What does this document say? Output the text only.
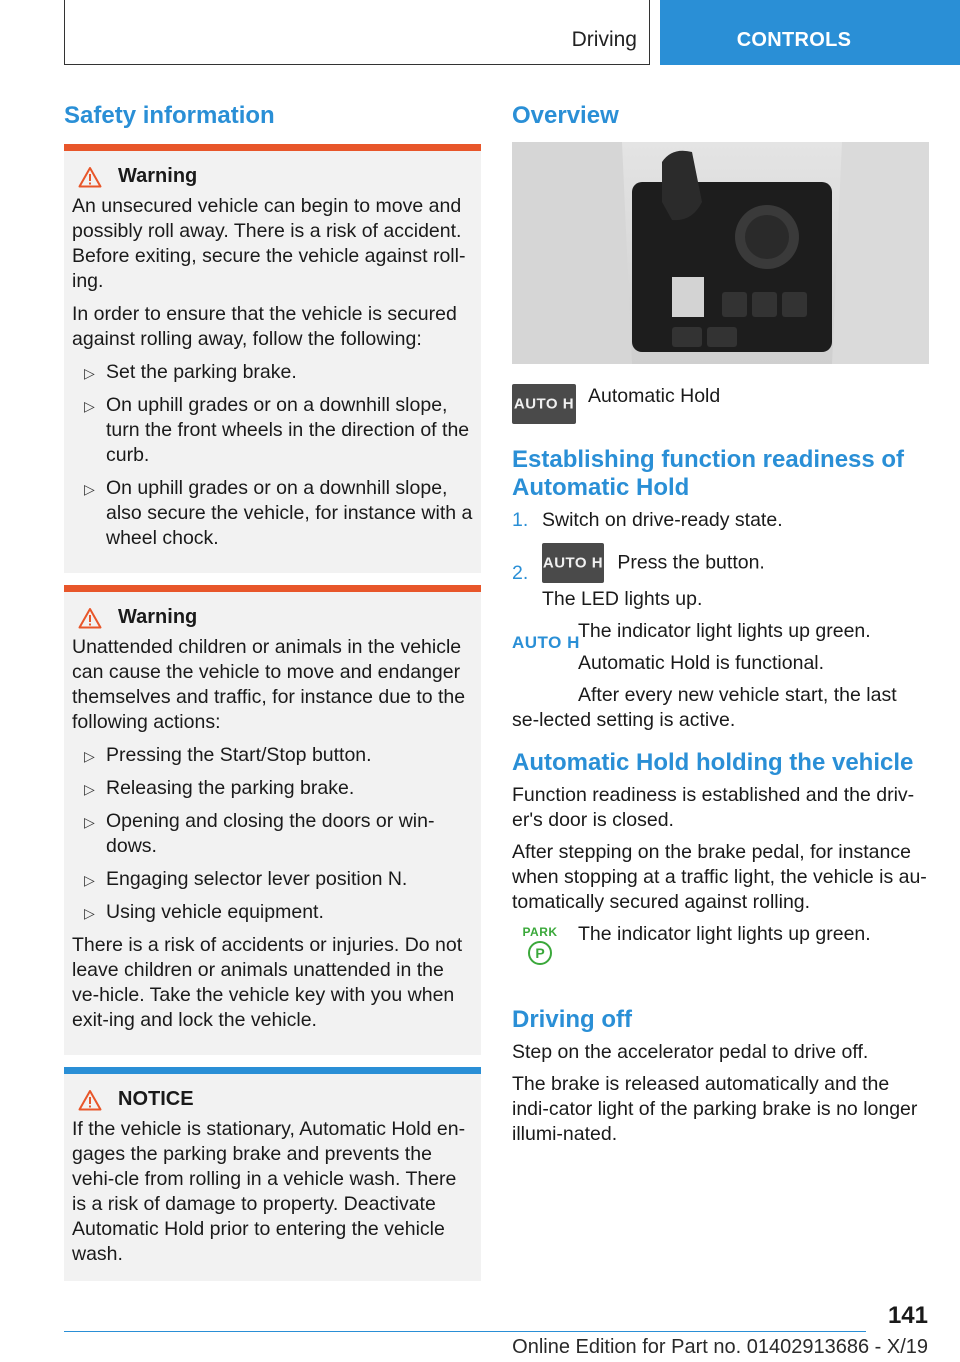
Driving	CONTROLS
Safety information
Warning

An unsecured vehicle can begin to move and possibly roll away. There is a risk of accident. Before exiting, secure the vehicle against roll-ing.

In order to ensure that the vehicle is secured against rolling away, follow the following:

▷ Set the parking brake.
▷ On uphill grades or on a downhill slope, turn the front wheels in the direction of the curb.
▷ On uphill grades or on a downhill slope, also secure the vehicle, for instance with a wheel chock.
Warning

Unattended children or animals in the vehicle can cause the vehicle to move and endanger themselves and traffic, for instance due to the following actions:

▷ Pressing the Start/Stop button.
▷ Releasing the parking brake.
▷ Opening and closing the doors or win-dows.
▷ Engaging selector lever position N.
▷ Using vehicle equipment.

There is a risk of accidents or injuries. Do not leave children or animals unattended in the ve-hicle. Take the vehicle key with you when exit-ing and lock the vehicle.

NOTICE

If the vehicle is stationary, Automatic Hold en-gages the parking brake and prevents the vehi-cle from rolling in a vehicle wash. There is a risk of damage to property. Deactivate Automatic Hold prior to entering the vehicle wash.

Overview
AUTO H Automatic Hold

Establishing function readiness of Automatic Hold
1. Switch on drive-ready state.
2. AUTO H Press the button.

The LED lights up.

AUTO H

The indicator light lights up green.

Automatic Hold is functional.

After every new vehicle start, the last se-lected setting is active.

Automatic Hold holding the vehicle

Function readiness is established and the driv-er's door is closed.

After stepping on the brake pedal, for instance when stopping at a traffic light, the vehicle is au-tomatically secured against rolling.

PARK
P

The indicator light lights up green.

Driving off

Step on the accelerator pedal to drive off.

The brake is released automatically and the indi-cator light of the parking brake is no longer illumi-nated.

141
Online Edition for Part no. 01402913686 - X/19
